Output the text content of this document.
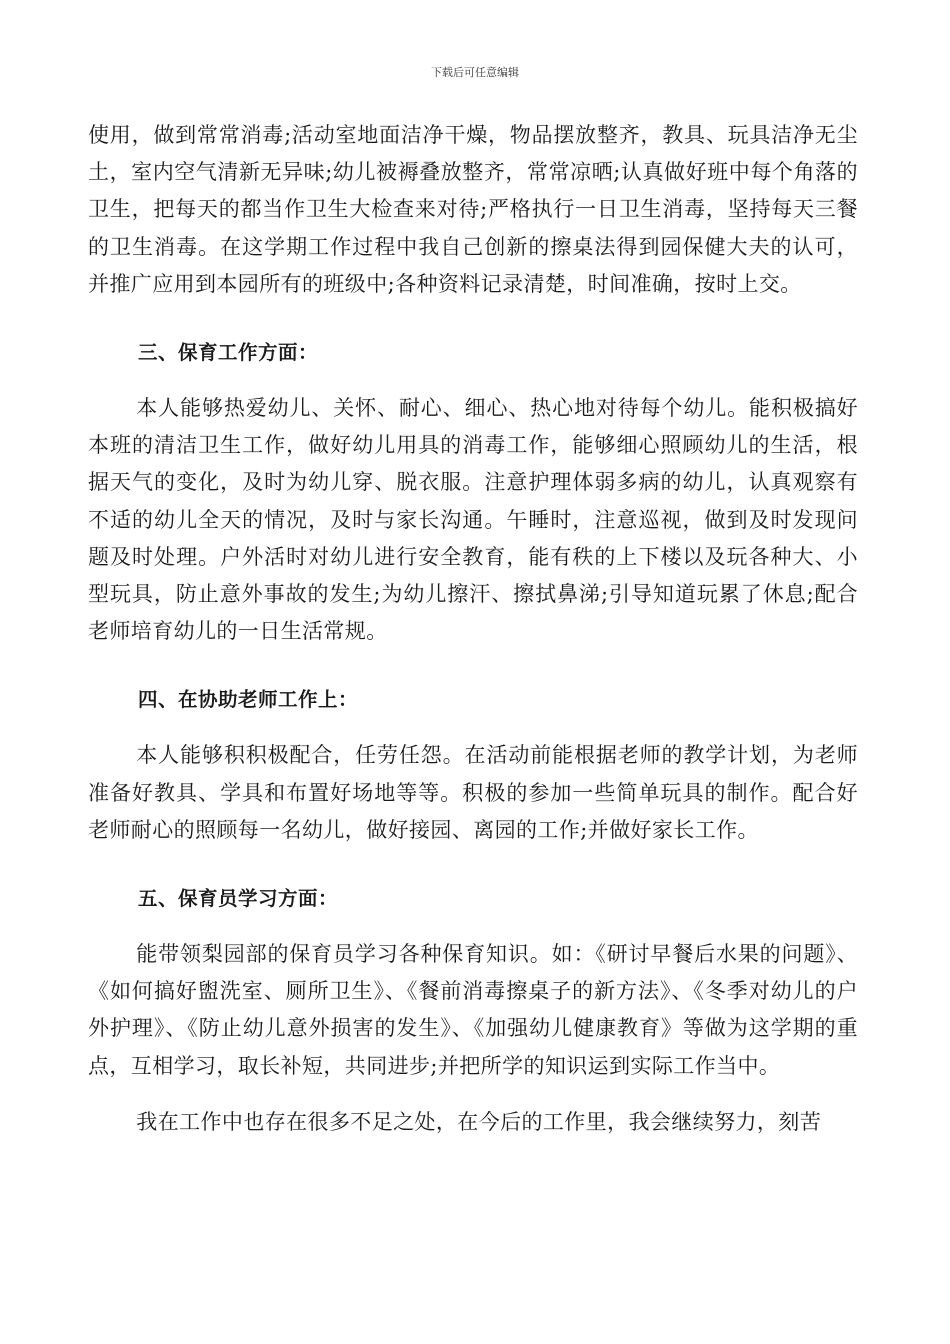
下载后可任意编辑

使用，做到常常消毒;活动室地面洁净干燥，物品摆放整齐，教具、玩具洁净无尘土，室内空气清新无异味;幼儿被褥叠放整齐，常常凉晒;认真做好班中每个角落的卫生，把每天的都当作卫生大检查来对待;严格执行一日卫生消毒，坚持每天三餐的卫生消毒。在这学期工作过程中我自己创新的擦桌法得到园保健大夫的认可，并推广应用到本园所有的班级中;各种资料记录清楚，时间准确，按时上交。

三、保育工作方面：

本人能够热爱幼儿、关怀、耐心、细心、热心地对待每个幼儿。能积极搞好本班的清洁卫生工作，做好幼儿用具的消毒工作，能够细心照顾幼儿的生活，根据天气的变化，及时为幼儿穿、脱衣服。注意护理体弱多病的幼儿，认真观察有不适的幼儿全天的情况，及时与家长沟通。午睡时，注意巡视，做到及时发现问题及时处理。户外活时对幼儿进行安全教育，能有秩的上下楼以及玩各种大、小型玩具，防止意外事故的发生;为幼儿擦汗、擦拭鼻涕;引导知道玩累了休息;配合老师培育幼儿的一日生活常规。

四、在协助老师工作上：

本人能够积积极配合，任劳任怨。在活动前能根据老师的教学计划，为老师准备好教具、学具和布置好场地等等。积极的参加一些简单玩具的制作。配合好老师耐心的照顾每一名幼儿，做好接园、离园的工作;并做好家长工作。

五、保育员学习方面：

能带领梨园部的保育员学习各种保育知识。如：《研讨早餐后水果的问题》、《如何搞好盥洗室、厕所卫生》、《餐前消毒擦桌子的新方法》、《冬季对幼儿的户外护理》、《防止幼儿意外损害的发生》、《加强幼儿健康教育》等做为这学期的重点，互相学习，取长补短，共同进步;并把所学的知识运到实际工作当中。

我在工作中也存在很多不足之处，在今后的工作里，我会继续努力，刻苦
